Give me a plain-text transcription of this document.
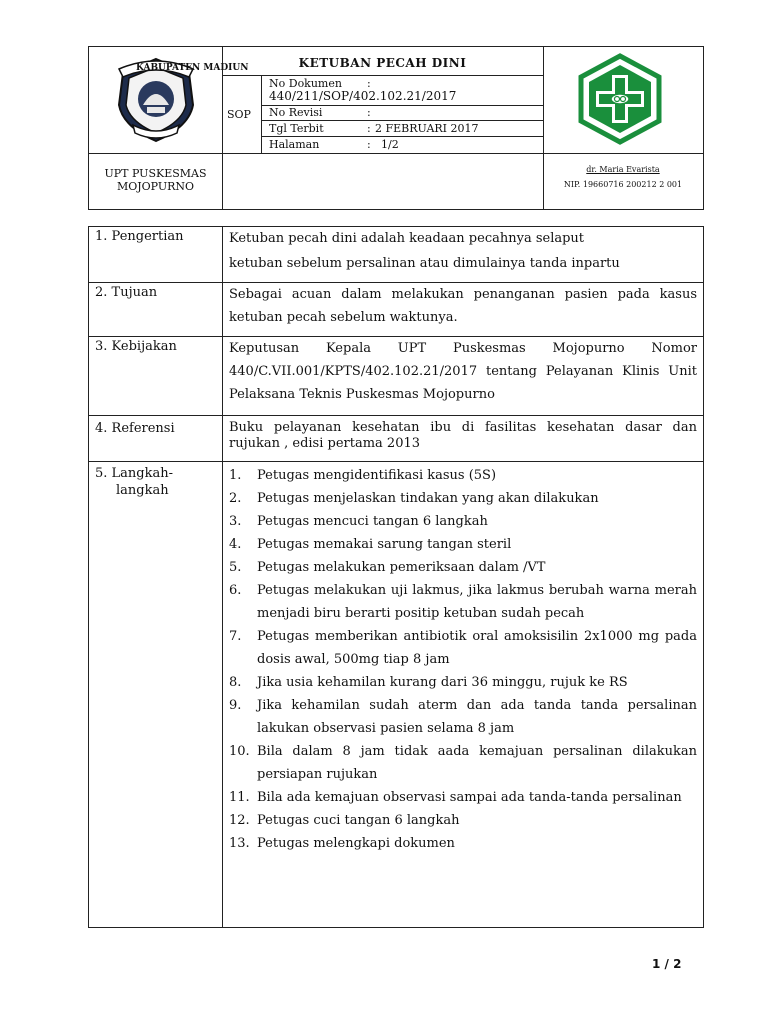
KABUPATEN MADIUN	KETUBAN PECAH DINI
SOP
No Dokumen :
440/211/SOP/402.102.21/2017
No Revisi	:
Tgl Terbit	: 2 FEBRUARI 2017
Halaman	: 1/2
UPT PUSKESMAS
MOJOPURNO
dr. Maria Evarista
NIP. 19660716 200212 2 001
1. Pengertian	Ketuban pecah dini adalah keadaan pecahnya selaput
ketuban sebelum persalinan atau dimulainya tanda inpartu
2. Tujuan	Sebagai acuan dalam melakukan penanganan pasien pada kasus ketuban pecah sebelum waktunya.
3. Kebijakan	Keputusan Kepala UPT Puskesmas Mojopurno Nomor 440/C.VII.001/KPTS/402.102.21/2017 tentang Pelayanan Klinis Unit Pelaksana Teknis Puskesmas Mojopurno
4. Referensi	Buku pelayanan kesehatan ibu di fasilitas kesehatan dasar dan rujukan , edisi pertama 2013
5. Langkah-
langkah
1.	Petugas mengidentifikasi kasus (5S)
2.	Petugas menjelaskan tindakan yang akan dilakukan
3.	Petugas mencuci tangan 6 langkah
4.	Petugas memakai sarung tangan steril
5.	Petugas melakukan pemeriksaan dalam /VT
6.	Petugas melakukan uji lakmus, jika lakmus berubah warna merah menjadi biru berarti positip ketuban sudah pecah
7.	Petugas memberikan antibiotik oral amoksisilin 2x1000 mg pada dosis awal, 500mg tiap 8 jam
8.	Jika usia kehamilan kurang dari 36 minggu, rujuk ke RS
9.	Jika kehamilan sudah aterm dan ada tanda tanda persalinan lakukan observasi pasien selama 8 jam
10. Bila dalam 8 jam tidak aada kemajuan persalinan dilakukan persiapan rujukan
11. Bila ada kemajuan observasi sampai ada tanda-tanda persalinan
12. Petugas cuci tangan 6 langkah
13. Petugas melengkapi dokumen
1 / 2
